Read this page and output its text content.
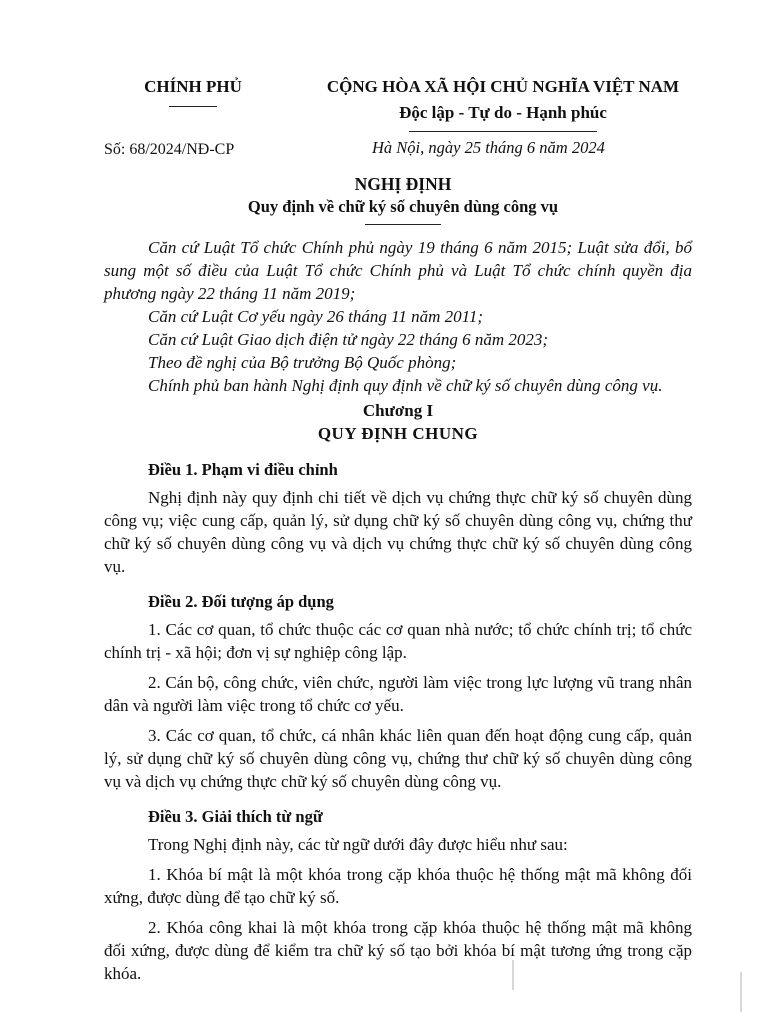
CHÍNH PHỦ	CỘNG HÒA XÃ HỘI CHỦ NGHĨA VIỆT NAM
Độc lập - Tự do - Hạnh phúc
Số: 68/2024/NĐ-CP	Hà Nội, ngày 25 tháng 6 năm 2024
NGHỊ ĐỊNH
Quy định về chữ ký số chuyên dùng công vụ

Căn cứ Luật Tổ chức Chính phủ ngày 19 tháng 6 năm 2015; Luật sửa đổi, bổ sung một số điều của Luật Tổ chức Chính phủ và Luật Tổ chức chính quyền địa phương ngày 22 tháng 11 năm 2019;

Căn cứ Luật Cơ yếu ngày 26 tháng 11 năm 2011;

Căn cứ Luật Giao dịch điện tử ngày 22 tháng 6 năm 2023;

Theo đề nghị của Bộ trưởng Bộ Quốc phòng;

Chính phủ ban hành Nghị định quy định về chữ ký số chuyên dùng công vụ.

Chương I
QUY ĐỊNH CHUNG
Điều 1. Phạm vi điều chỉnh

Nghị định này quy định chi tiết về dịch vụ chứng thực chữ ký số chuyên dùng công vụ; việc cung cấp, quản lý, sử dụng chữ ký số chuyên dùng công vụ, chứng thư chữ ký số chuyên dùng công vụ và dịch vụ chứng thực chữ ký số chuyên dùng công vụ.

Điều 2. Đối tượng áp dụng

1. Các cơ quan, tổ chức thuộc các cơ quan nhà nước; tổ chức chính trị; tổ chức chính trị - xã hội; đơn vị sự nghiệp công lập.

2. Cán bộ, công chức, viên chức, người làm việc trong lực lượng vũ trang nhân dân và người làm việc trong tổ chức cơ yếu.

3. Các cơ quan, tổ chức, cá nhân khác liên quan đến hoạt động cung cấp, quản lý, sử dụng chữ ký số chuyên dùng công vụ, chứng thư chữ ký số chuyên dùng công vụ và dịch vụ chứng thực chữ ký số chuyên dùng công vụ.

Điều 3. Giải thích từ ngữ

Trong Nghị định này, các từ ngữ dưới đây được hiểu như sau:

1. Khóa bí mật là một khóa trong cặp khóa thuộc hệ thống mật mã không đối xứng, được dùng để tạo chữ ký số.

2. Khóa công khai là một khóa trong cặp khóa thuộc hệ thống mật mã không đối xứng, được dùng để kiểm tra chữ ký số tạo bởi khóa bí mật tương ứng trong cặp khóa.
